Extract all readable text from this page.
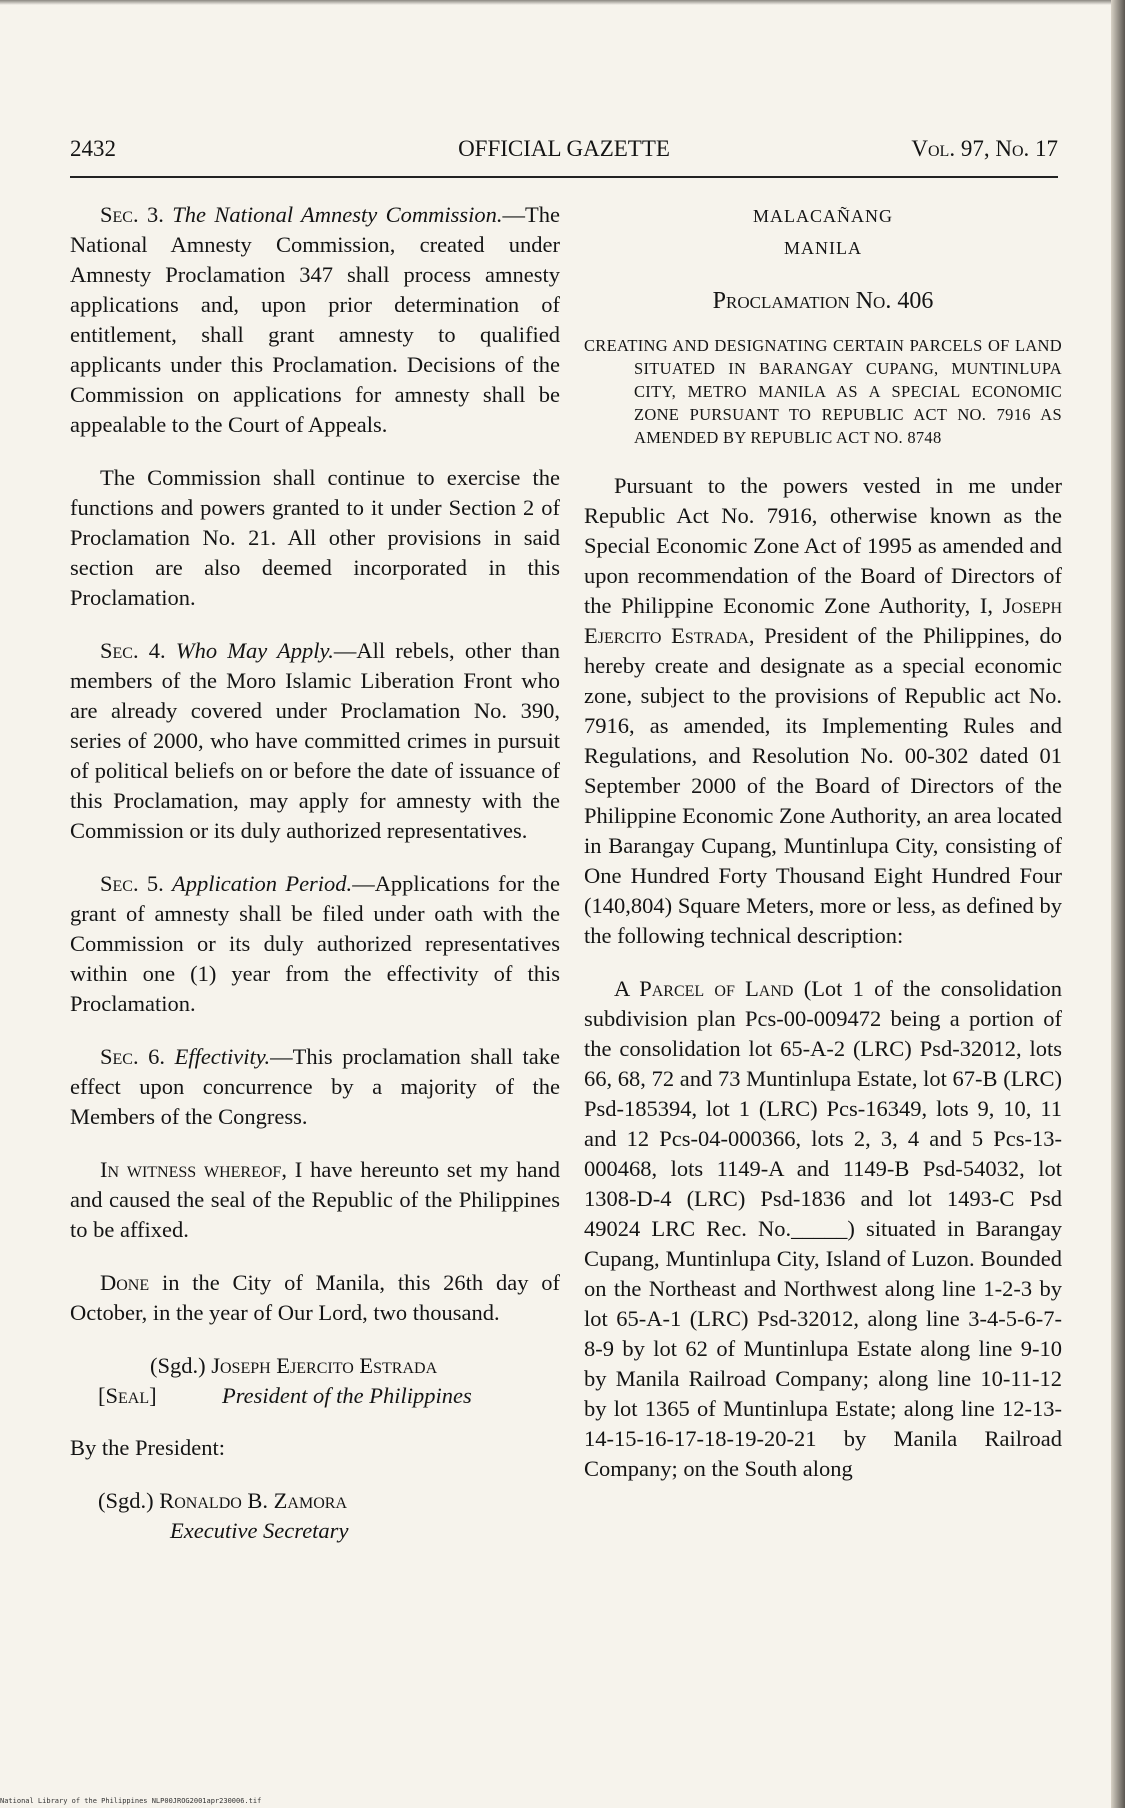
2432	OFFICIAL GAZETTE	Vol. 97, No. 17

Sec. 3. The National Amnesty Commission.—The National Amnesty Commission, created under Amnesty Proclamation 347 shall process amnesty applications and, upon prior determination of entitlement, shall grant amnesty to qualified applicants under this Proclamation. Decisions of the Commission on applications for amnesty shall be appealable to the Court of Appeals.

The Commission shall continue to exercise the functions and powers granted to it under Section 2 of Proclamation No. 21. All other provisions in said section are also deemed incorporated in this Proclamation.

Sec. 4. Who May Apply.—All rebels, other than members of the Moro Islamic Liberation Front who are already covered under Proclamation No. 390, series of 2000, who have committed crimes in pursuit of political beliefs on or before the date of issuance of this Proclamation, may apply for amnesty with the Commission or its duly authorized representatives.

Sec. 5. Application Period.—Applications for the grant of amnesty shall be filed under oath with the Commission or its duly authorized representatives within one (1) year from the effectivity of this Proclamation.

Sec. 6. Effectivity.—This proclamation shall take effect upon concurrence by a majority of the Members of the Congress.

In witness whereof, I have hereunto set my hand and caused the seal of the Republic of the Philippines to be affixed.

Done in the City of Manila, this 26th day of October, in the year of Our Lord, two thousand.

(Sgd.) Joseph Ejercito Estrada
[Seal]	President of the Philippines

By the President:

(Sgd.) Ronaldo B. Zamora
Executive Secretary
MALACAÑANG
MANILA
Proclamation No. 406
CREATING AND DESIGNATING CERTAIN PARCELS OF LAND SITUATED IN BARANGAY CUPANG, MUNTINLUPA CITY, METRO MANILA AS A SPECIAL ECONOMIC ZONE PURSUANT TO REPUBLIC ACT NO. 7916 AS AMENDED BY REPUBLIC ACT NO. 8748

Pursuant to the powers vested in me under Republic Act No. 7916, otherwise known as the Special Economic Zone Act of 1995 as amended and upon recommendation of the Board of Directors of the Philippine Economic Zone Authority, I, Joseph Ejercito Estrada, President of the Philippines, do hereby create and designate as a special economic zone, subject to the provisions of Republic act No. 7916, as amended, its Implementing Rules and Regulations, and Resolution No. 00-302 dated 01 September 2000 of the Board of Directors of the Philippine Economic Zone Authority, an area located in Barangay Cupang, Muntinlupa City, consisting of One Hundred Forty Thousand Eight Hundred Four (140,804) Square Meters, more or less, as defined by the following technical description:

A Parcel of Land (Lot 1 of the consolidation subdivision plan Pcs-00-009472 being a portion of the consolidation lot 65-A-2 (LRC) Psd-32012, lots 66, 68, 72 and 73 Muntinlupa Estate, lot 67-B (LRC) Psd-185394, lot 1 (LRC) Pcs-16349, lots 9, 10, 11 and 12 Pcs-04-000366, lots 2, 3, 4 and 5 Pcs-13-000468, lots 1149-A and 1149-B Psd-54032, lot 1308-D-4 (LRC) Psd-1836 and lot 1493-C Psd 49024 LRC Rec. No._____) situated in Barangay Cupang, Muntinlupa City, Island of Luzon. Bounded on the Northeast and Northwest along line 1-2-3 by lot 65-A-1 (LRC) Psd-32012, along line 3-4-5-6-7-8-9 by lot 62 of Muntinlupa Estate along line 9-10 by Manila Railroad Company; along line 10-11-12 by lot 1365 of Muntinlupa Estate; along line 12-13-14-15-16-17-18-19-20-21 by Manila Railroad Company; on the South along

National Library of the Philippines NLP00JROG2001apr230006.tif
